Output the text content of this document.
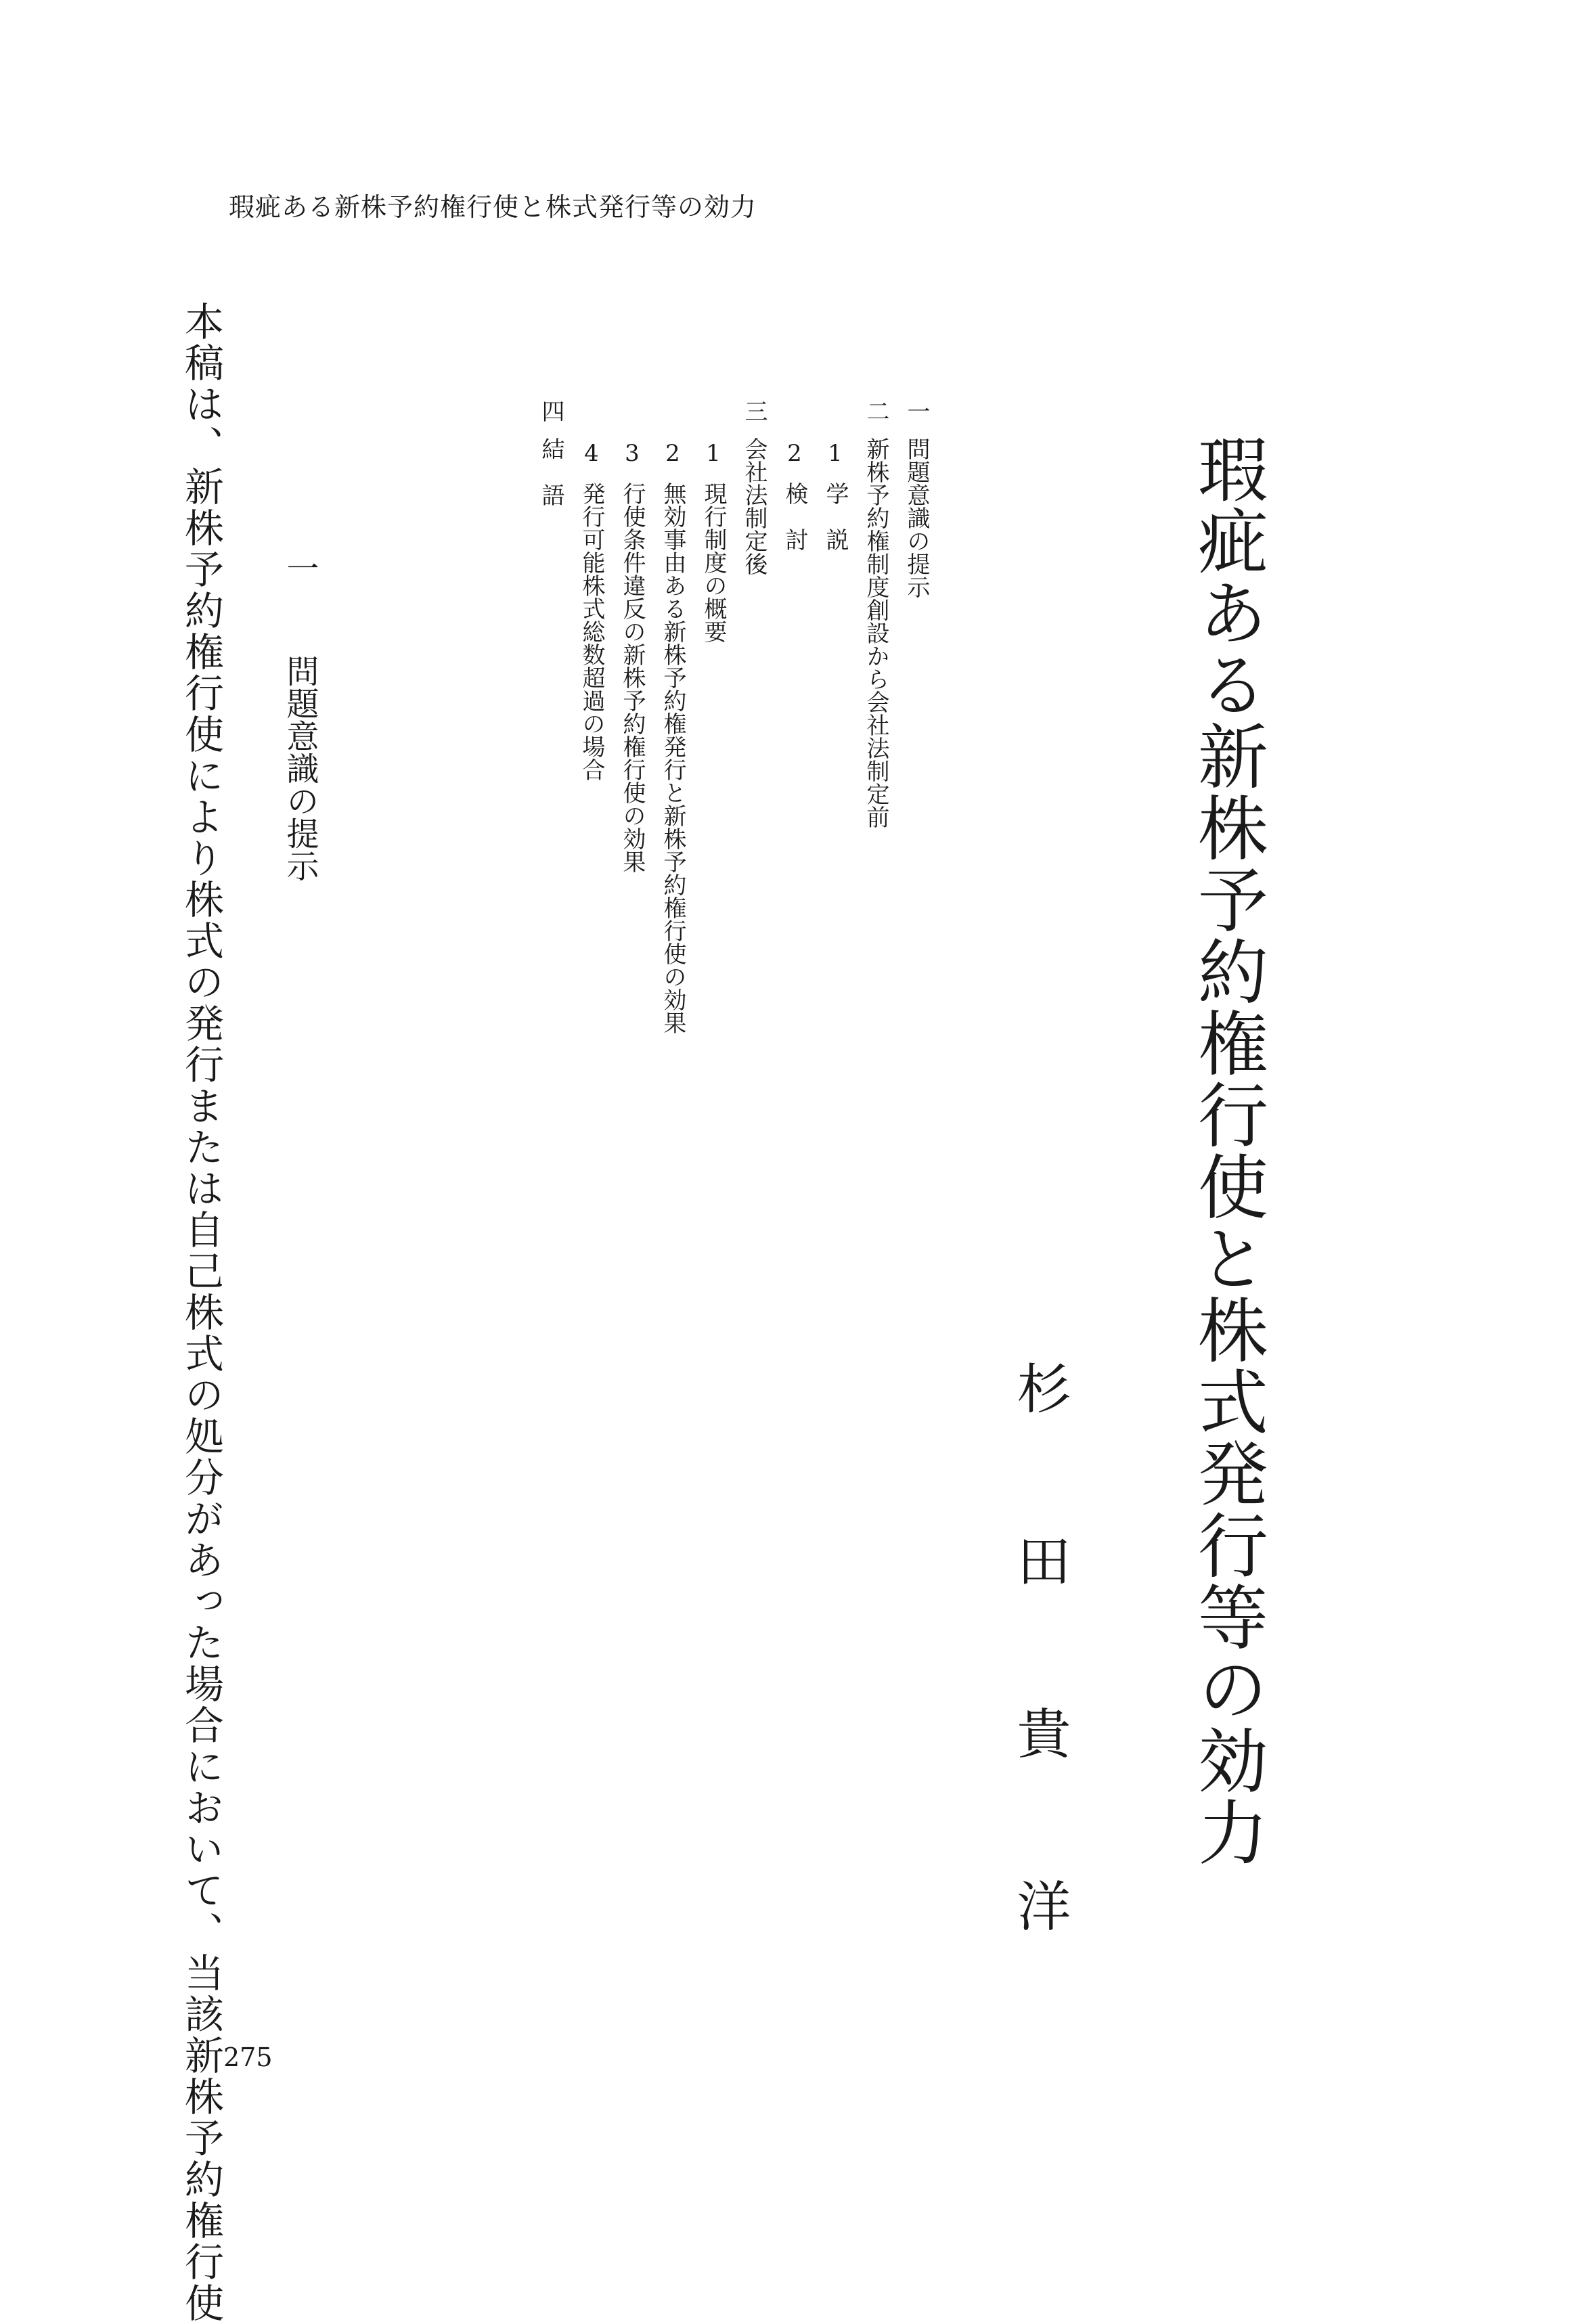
瑕疵ある新株予約権行使と株式発行等の効力
瑕疵ある新株予約権行使と株式発行等の効力
杉田貴洋
一
問題意識の提示
二
新株予約権制度創設から会社法制定前
1
学　説
2
検　討
三
会社法制定後
1
現行制度の概要
2
無効事由ある新株予約権発行と新株予約権行使の効果
3
行使条件違反の新株予約権行使の効果
4
発行可能株式総数超過の場合
四
結　語
一 問題意識の提示
本稿は、新株予約権行使により株式の発行または自己株式の処分があった場合において、当該新株予約権行使 275
